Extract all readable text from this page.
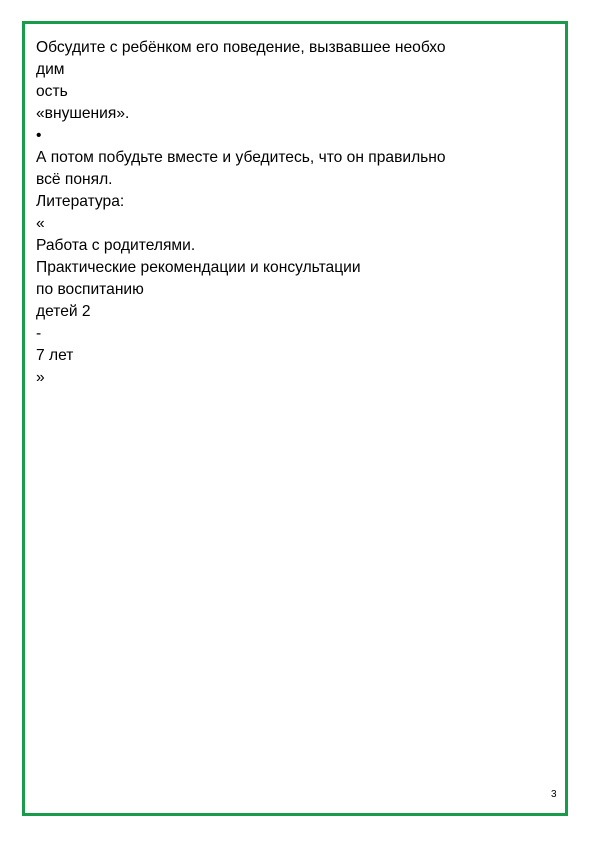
Обсудите с ребёнком его поведение, вызвавшее необхо
дим
ость
«внушения».
•
А потом побудьте вместе и убедитесь, что он правильно
всё понял.
Литература:
«
Работа с родителями.
Практические рекомендации и консультации
по воспитанию
детей 2
-
7 лет
»
3
